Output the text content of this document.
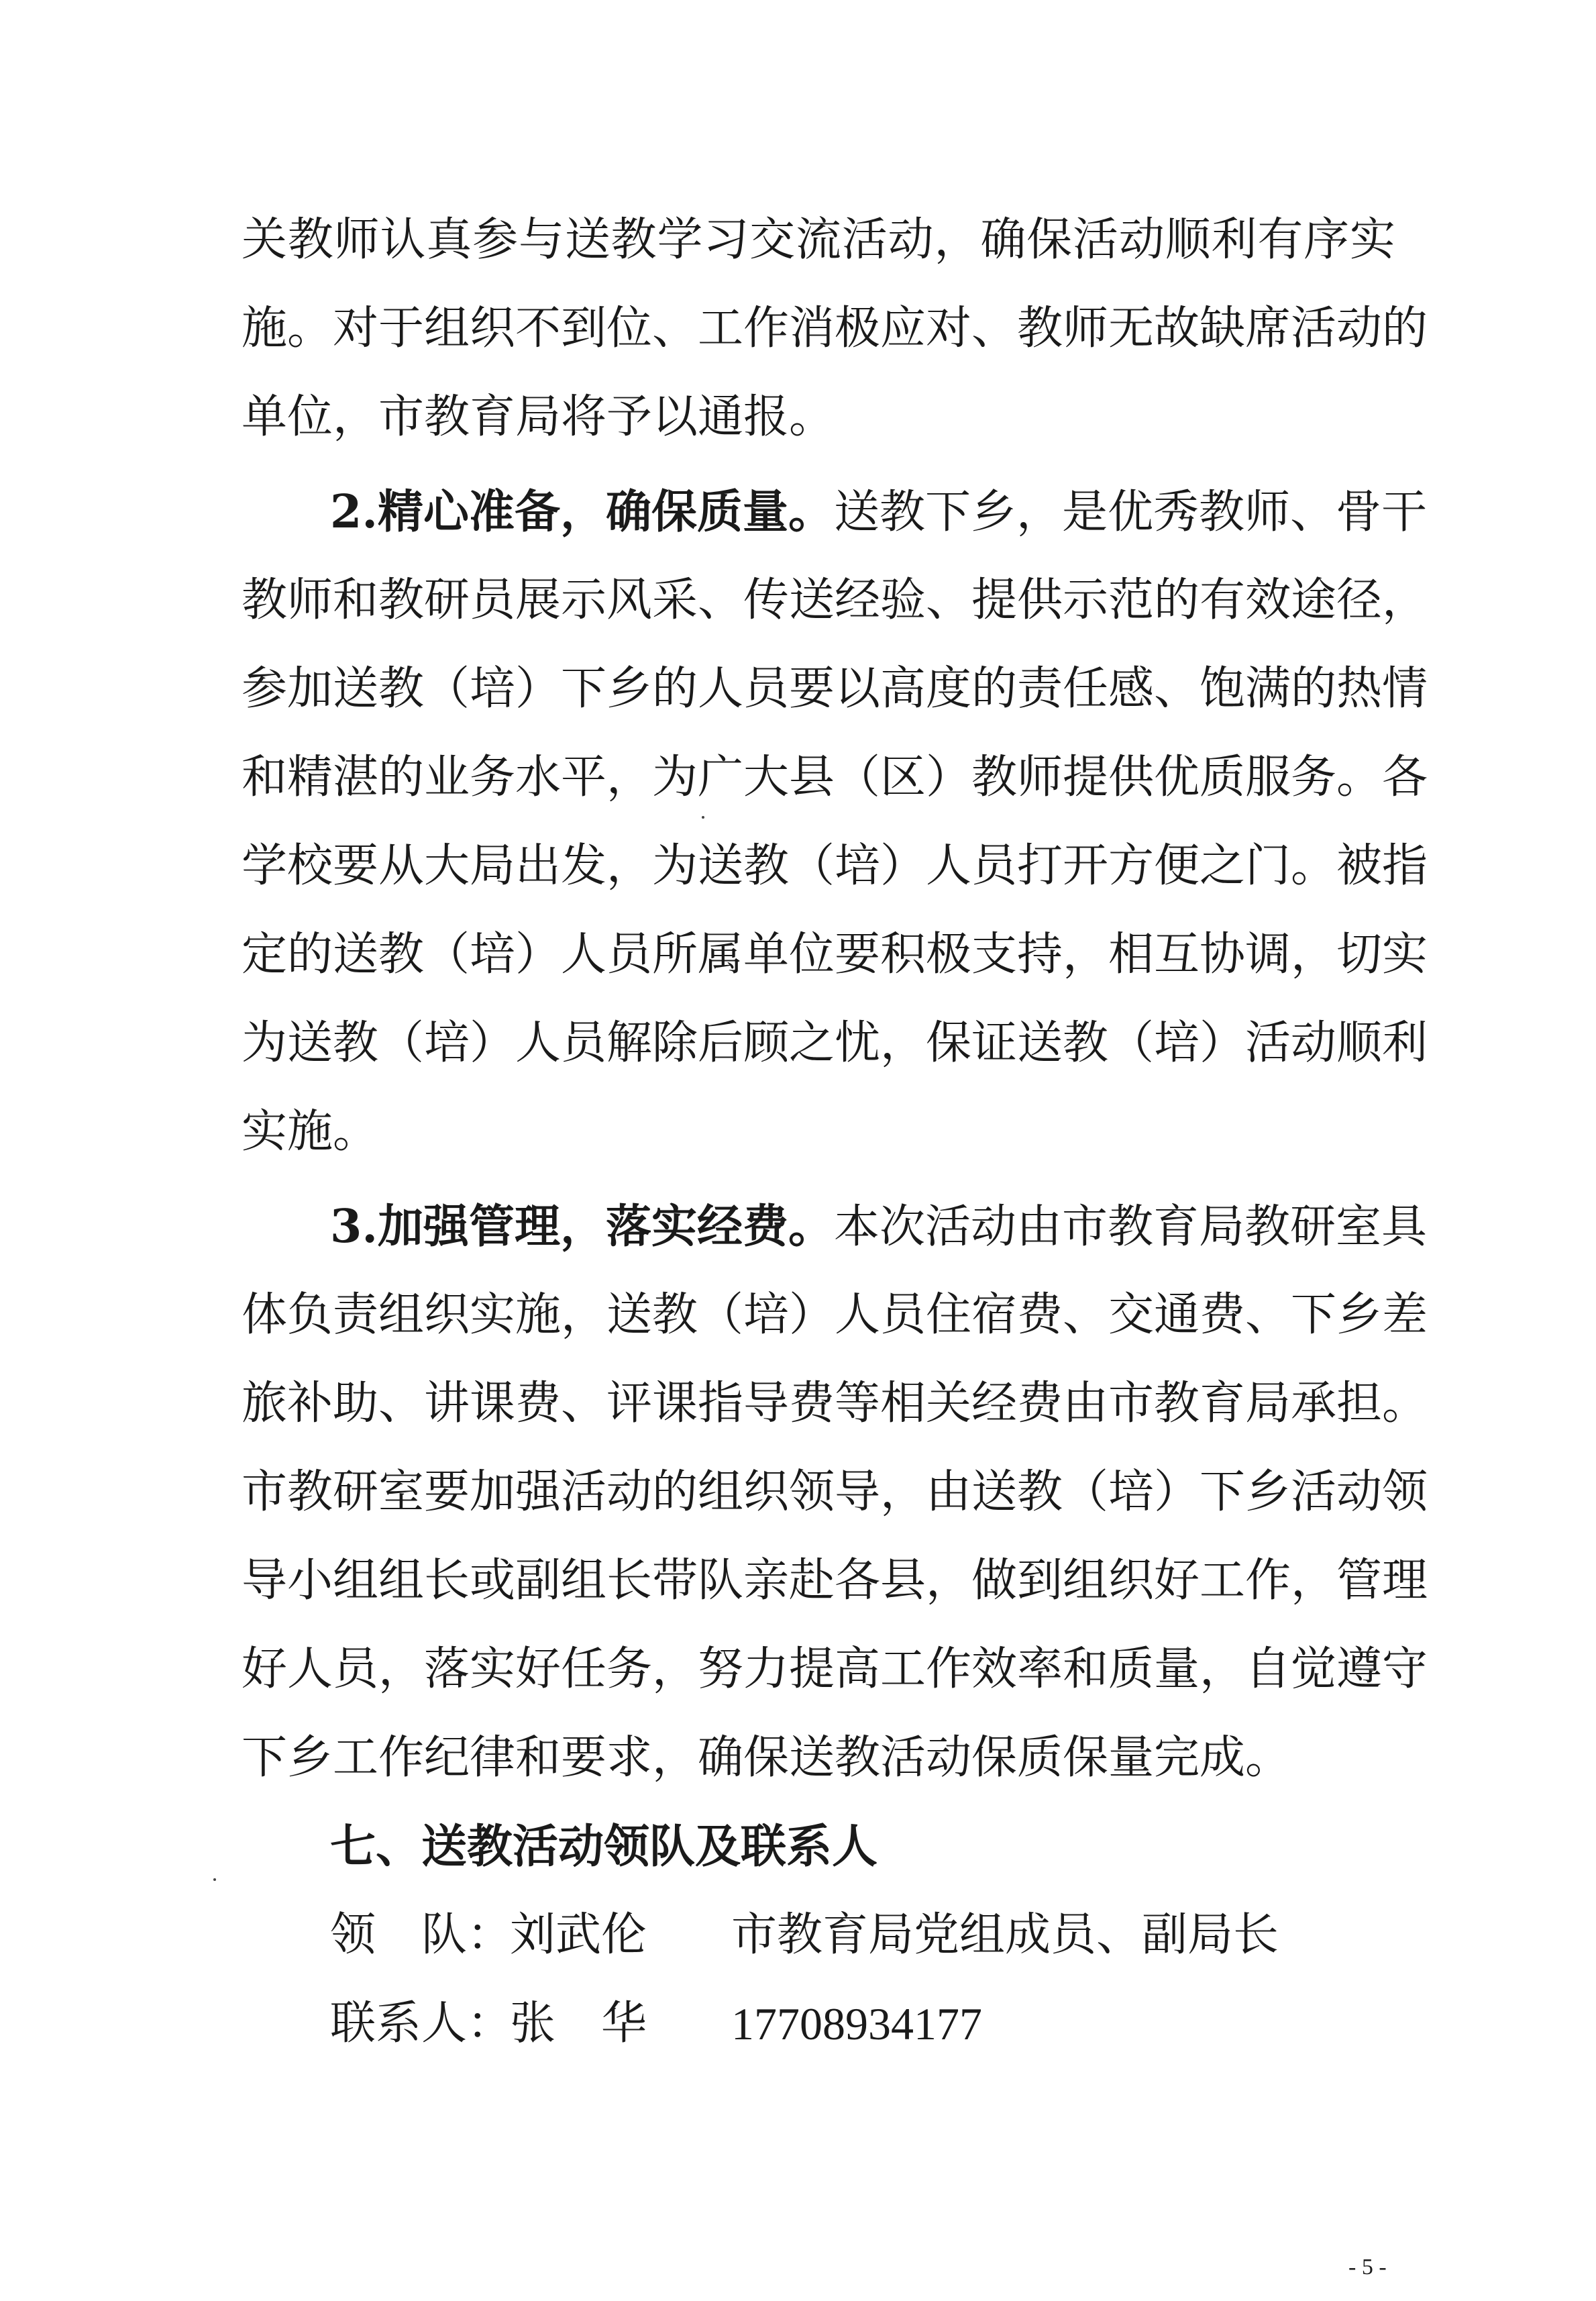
关教师认真参与送教学习交流活动，确保活动顺利有序实
施。对于组织不到位、工作消极应对、教师无故缺席活动的
单位，市教育局将予以通报。
2.精心准备，确保质量。送教下乡，是优秀教师、骨干
教师和教研员展示风采、传送经验、提供示范的有效途径，
参加送教（培）下乡的人员要以高度的责任感、饱满的热情
和精湛的业务水平，为广大县（区）教师提供优质服务。各
学校要从大局出发，为送教（培）人员打开方便之门。被指
定的送教（培）人员所属单位要积极支持，相互协调，切实
为送教（培）人员解除后顾之忧，保证送教（培）活动顺利
实施。
3.加强管理，落实经费。本次活动由市教育局教研室具
体负责组织实施，送教（培）人员住宿费、交通费、下乡差
旅补助、讲课费、评课指导费等相关经费由市教育局承担。
市教研室要加强活动的组织领导，由送教（培）下乡活动领
导小组组长或副组长带队亲赴各县，做到组织好工作，管理
好人员，落实好任务，努力提高工作效率和质量，自觉遵守
下乡工作纪律和要求，确保送教活动保质保量完成。
七、送教活动领队及联系人
领　队：
刘武伦 市教育局党组成员、副局长
联系人：
张　华 17708934177
- 5 -
